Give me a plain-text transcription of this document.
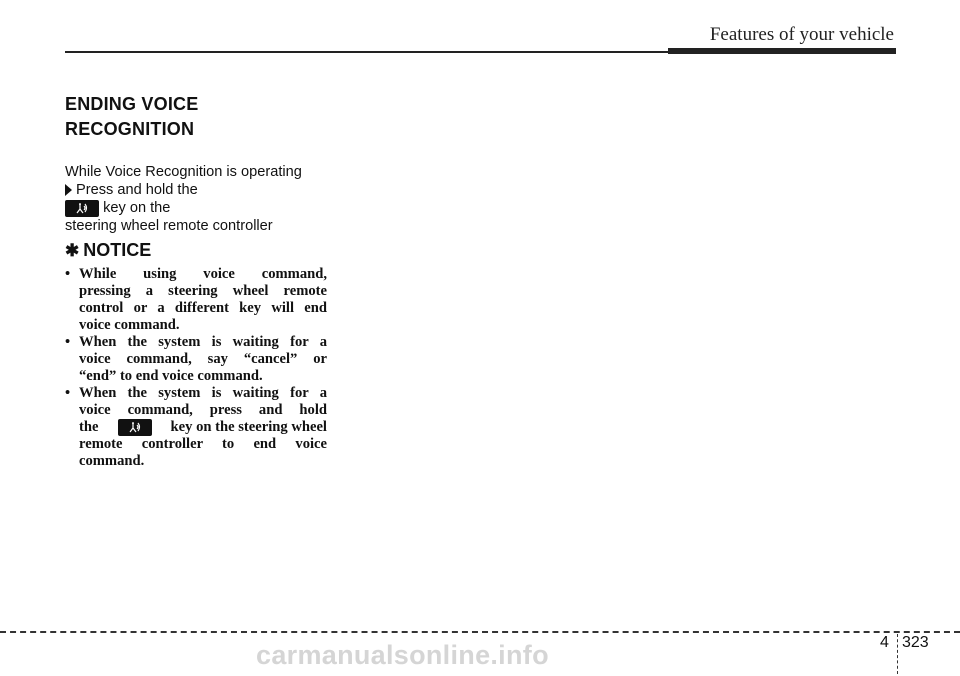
Features of your vehicle
ENDING VOICE
RECOGNITION
While Voice Recognition is operating
Press and hold the
key on the
steering wheel remote controller
✱ NOTICE
• While using voice command,
pressing a steering wheel remote
control or a different key will end
voice command.
• When the system is waiting for a
voice command, say “cancel” or
“end” to end voice command.
• When the system is waiting for a
voice command, press and hold
the	key on the steering wheel
remote controller to end voice
command.
4 323
carmanualsonline.info
